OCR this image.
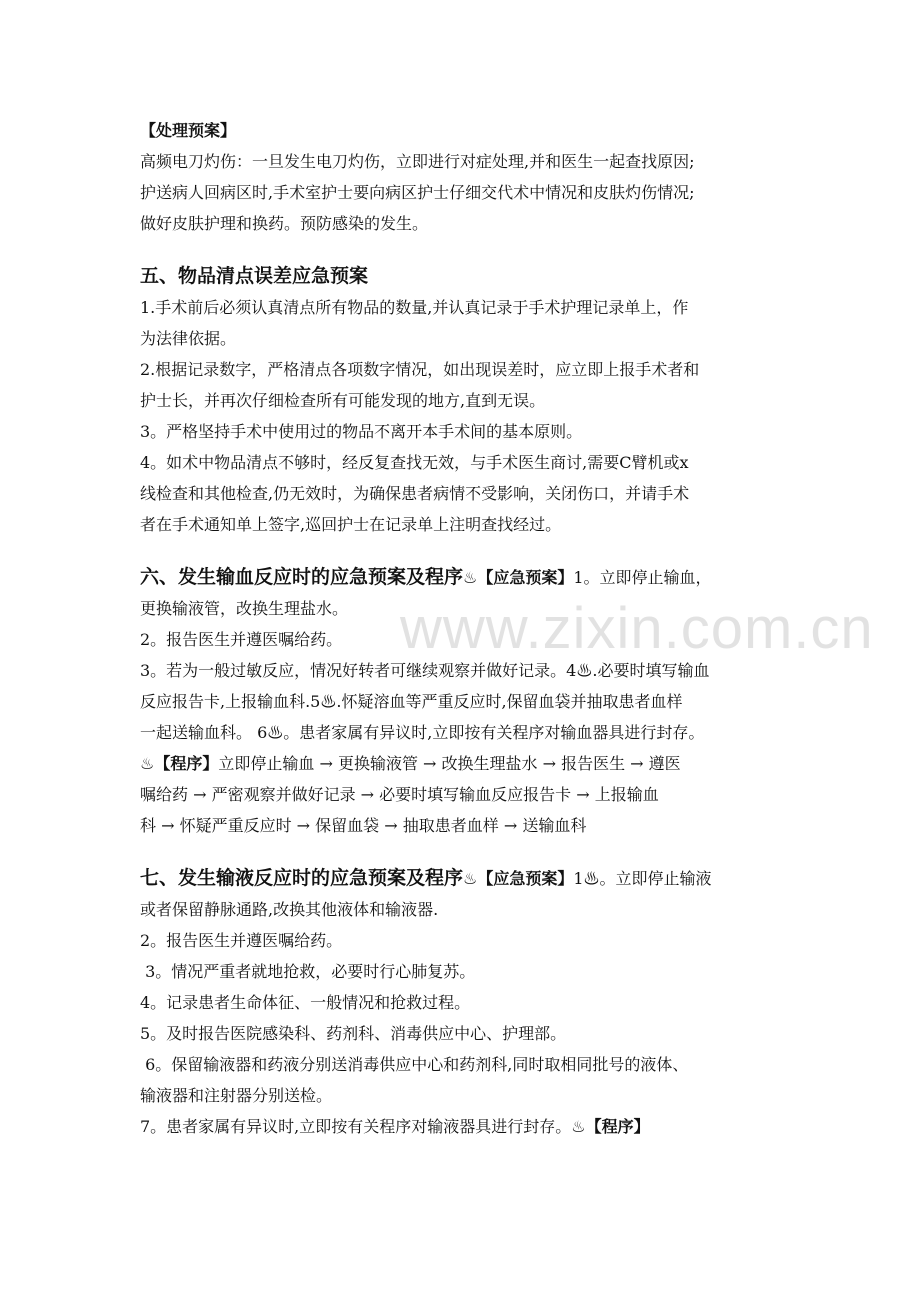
www.zixin.com.cn

【处理预案】

高频电刀灼伤：一旦发生电刀灼伤，立即进行对症处理,并和医生一起查找原因;

护送病人回病区时,手术室护士要向病区护士仔细交代术中情况和皮肤灼伤情况;

做好皮肤护理和换药。预防感染的发生。

五、物品清点误差应急预案

1.手术前后必须认真清点所有物品的数量,并认真记录于手术护理记录单上，作

为法律依据。

2.根据记录数字，严格清点各项数字情况，如出现误差时，应立即上报手术者和

护士长，并再次仔细检查所有可能发现的地方,直到无误。

3。严格坚持手术中使用过的物品不离开本手术间的基本原则。

4。如术中物品清点不够时，经反复查找无效，与手术医生商讨,需要C臂机或x

线检查和其他检查,仍无效时，为确保患者病情不受影响，关闭伤口，并请手术

者在手术通知单上签字,巡回护士在记录单上注明查找经过。

六、发生输血反应时的应急预案及程序♨【应急预案】1。立即停止输血，

更换输液管，改换生理盐水。

2。报告医生并遵医嘱给药。

3。若为一般过敏反应，情况好转者可继续观察并做好记录。4♨.必要时填写输血

反应报告卡,上报输血科.5♨.怀疑溶血等严重反应时,保留血袋并抽取患者血样

一起送输血科。 6♨。患者家属有异议时,立即按有关程序对输血器具进行封存。

♨【程序】立即停止输血 → 更换输液管 → 改换生理盐水 → 报告医生 → 遵医

嘱给药 → 严密观察并做好记录 → 必要时填写输血反应报告卡 → 上报输血

科 → 怀疑严重反应时 → 保留血袋 → 抽取患者血样 → 送输血科

七、发生输液反应时的应急预案及程序♨【应急预案】1♨。立即停止输液

或者保留静脉通路,改换其他液体和输液器.

2。报告医生并遵医嘱给药。

3。情况严重者就地抢救，必要时行心肺复苏。

4。记录患者生命体征、一般情况和抢救过程。

5。及时报告医院感染科、药剂科、消毒供应中心、护理部。

6。保留输液器和药液分别送消毒供应中心和药剂科,同时取相同批号的液体、

输液器和注射器分别送检。

7。患者家属有异议时,立即按有关程序对输液器具进行封存。♨【程序】
